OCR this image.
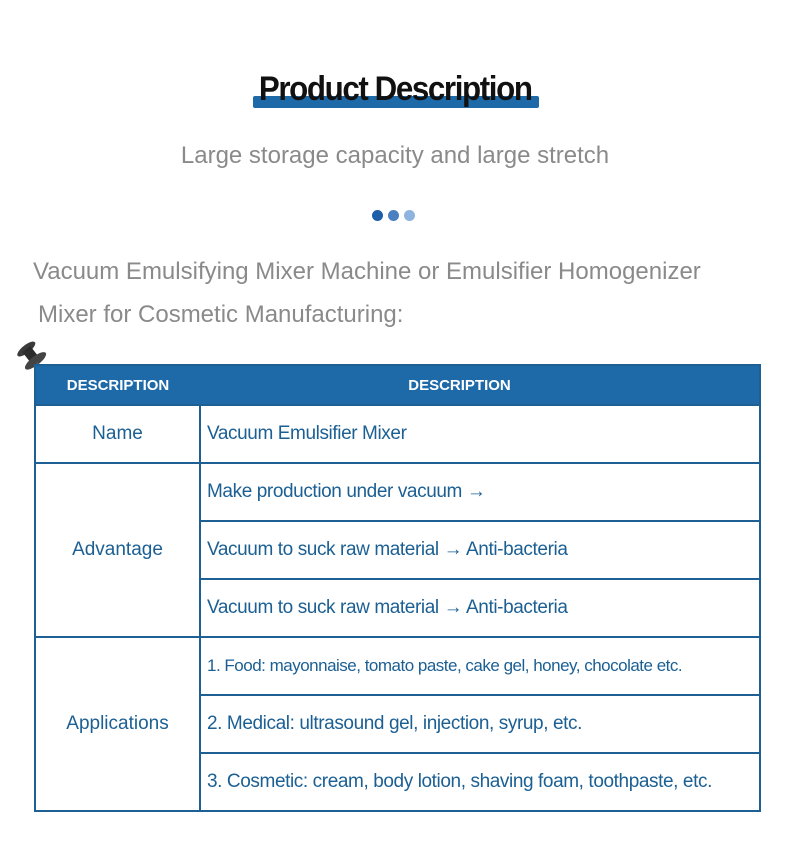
Product Description
Large storage capacity and large stretch
Vacuum Emulsifying Mixer Machine or Emulsifier Homogenizer
Mixer for Cosmetic Manufacturing:
DESCRIPTION	DESCRIPTION
Name	Vacuum Emulsifier Mixer
Advantage
Make production under vacuum →
Vacuum to suck raw material → Anti-bacteria
Vacuum to suck raw material → Anti-bacteria
Applications
1. Food: mayonnaise, tomato paste, cake gel, honey, chocolate etc.
2. Medical: ultrasound gel, injection, syrup, etc.
3. Cosmetic: cream, body lotion, shaving foam, toothpaste, etc.
